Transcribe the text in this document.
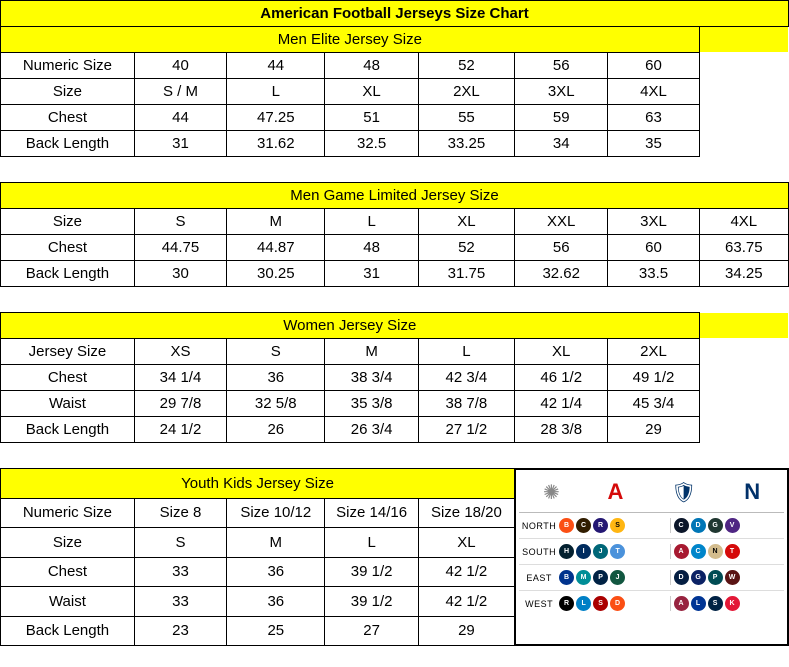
American Football Jerseys Size Chart							
Men Elite Jersey Size							
Numeric Size	40	44	48	52	56	60	
Size	S / M	L	XL	2XL	3XL	4XL	
Chest	44	47.25	51	55	59	63	
Back Length	31	31.62	32.5	33.25	34	35	

Men Game Limited Jersey Size							
Size	S	M	L	XL	XXL	3XL	4XL
Chest	44.75	44.87	48	52	56	60	63.75
Back Length	30	30.25	31	31.75	32.62	33.5	34.25

Women Jersey Size							
Jersey Size	XS	S	M	L	XL	2XL	
Chest	34 1/4	36	38 3/4	42 3/4	46 1/2	49 1/2	
Waist	29 7/8	32 5/8	35 3/8	38 7/8	42 1/4	45 3/4	
Back Length	24 1/2	26	26 3/4	27 1/2	28 3/8	29	

Youth Kids Jersey Size	✺ A 🛡 N
NORTH	B	C	R	S	C	D	G	V
SOUTH	H	I	J	T	A	C	N	T
EAST	B	M	P	J	D	G	P	W
WEST	R	L	S	D	A	L	S	K

Numeric Size	Size 8	Size 10/12	Size 14/16	Size 18/20			
Size	S	M	L	XL			
Chest	33	36	39 1/2	42 1/2			
Waist	33	36	39 1/2	42 1/2			
Back Length	23	25	27	29			
